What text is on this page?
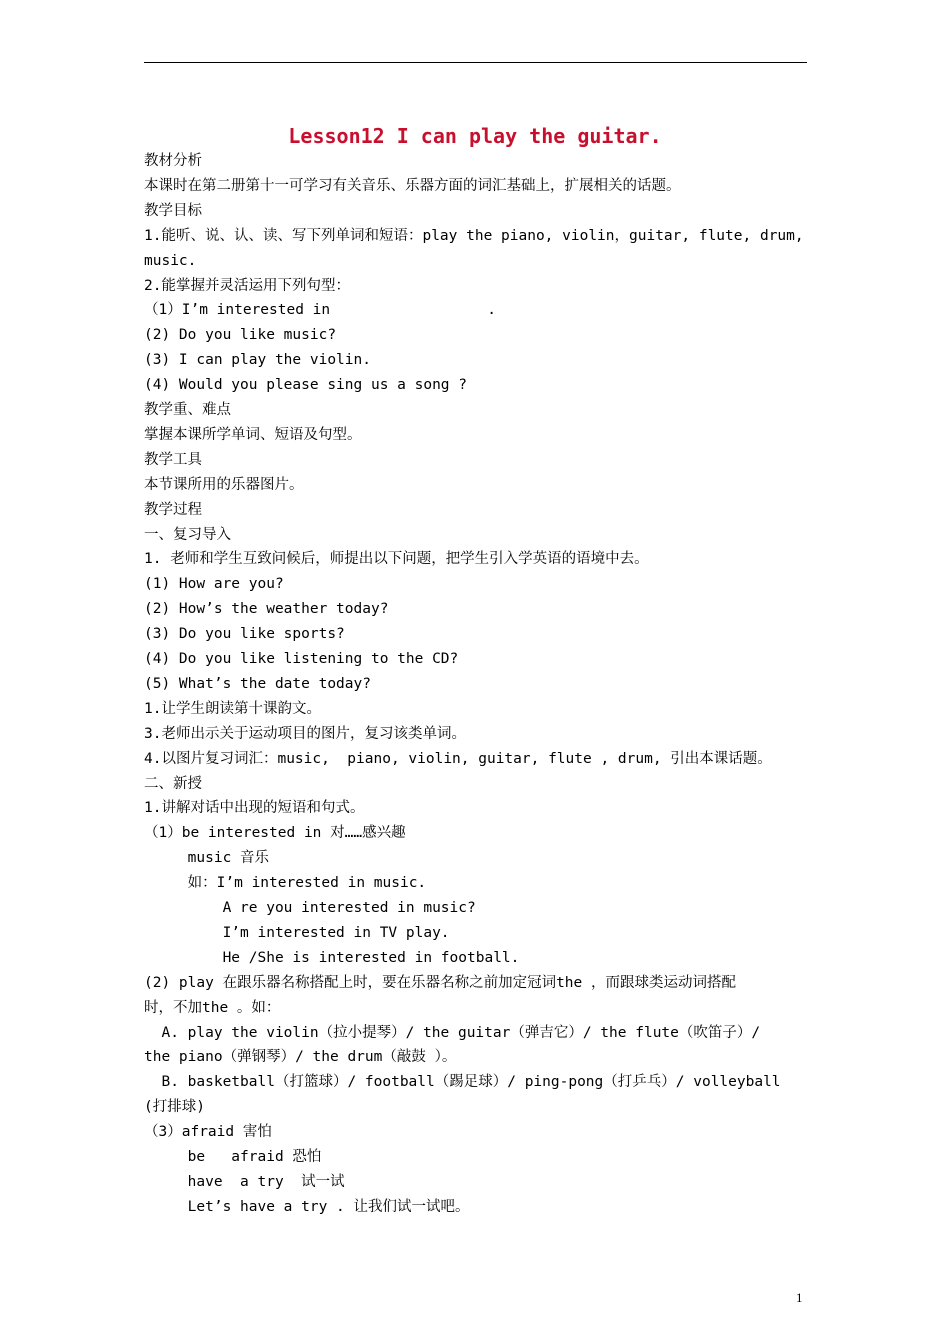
Lesson12 I can play the guitar.
教材分析
本课时在第二册第十一可学习有关音乐、乐器方面的词汇基础上，扩展相关的话题。
教学目标
1.能听、说、认、读、写下列单词和短语：play the piano, violin，guitar, flute, drum,
music.
2.能掌握并灵活运用下列句型：
（1）I’m interested in                  .
(2) Do you like music?
(3) I can play the violin.
(4) Would you please sing us a song ?
教学重、难点
掌握本课所学单词、短语及句型。
教学工具
本节课所用的乐器图片。
教学过程
一、复习导入
1. 老师和学生互致问候后，师提出以下问题，把学生引入学英语的语境中去。
(1) How are you?
(2) How’s the weather today?
(3) Do you like sports?
(4) Do you like listening to the CD?
(5) What’s the date today?
1.让学生朗读第十课韵文。
3.老师出示关于运动项目的图片，复习该类单词。
4.以图片复习词汇：music,  piano, violin, guitar, flute , drum, 引出本课话题。
二、新授
1.讲解对话中出现的短语和句式。
（1）be interested in 对……感兴趣
music 音乐
如：I’m interested in music.
A re you interested in music?
I’m interested in TV play.
He /She is interested in football.
(2) play 在跟乐器名称搭配上时，要在乐器名称之前加定冠词the ，而跟球类运动词搭配
时，不加the 。如：
A. play the violin（拉小提琴）/ the guitar（弹吉它）/ the flute（吹笛子）/
the piano（弹钢琴）/ the drum（敲鼓 ）。
B. basketball（打篮球）/ football（踢足球）/ ping-pong（打乒乓）/ volleyball
(打排球)
（3）afraid 害怕
be   afraid 恐怕
have  a try  试一试
Let’s have a try . 让我们试一试吧。
1
